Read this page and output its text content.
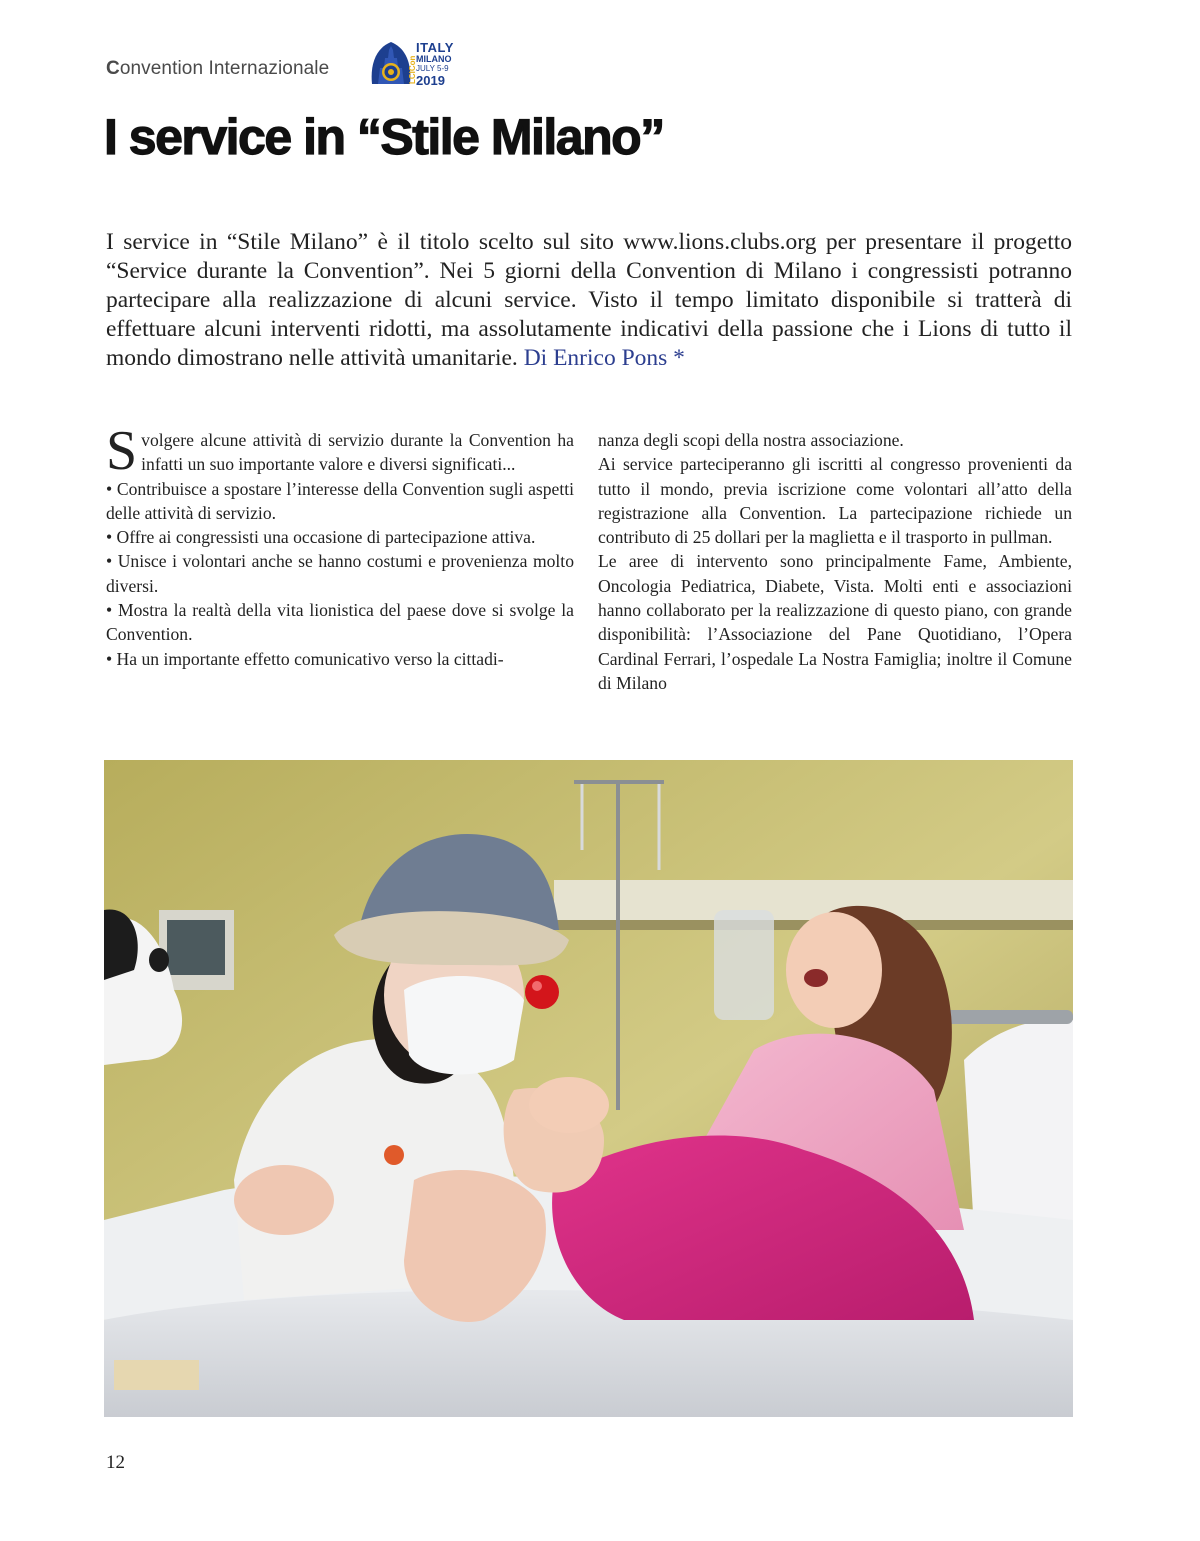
Convention Internazionale	LCICon
ITALY
MILANO
JULY 5-9
2019
I service in “Stile Milano”

I service in “Stile Milano” è il titolo scelto sul sito www.lions.clubs.org per presentare il progetto “Service durante la Convention”. Nei 5 giorni della Convention di Milano i congressisti potranno partecipare alla realizzazione di alcuni service. Visto il tempo limitato disponibile si tratterà di effettuare alcuni interventi ridotti, ma assolutamente indicativi della passione che i Lions di tutto il mondo dimostrano nelle attività umanitarie. Di Enrico Pons *

Svolgere alcune attività di servizio durante la Convention ha infatti un suo importante valore e diversi significati...

• Contribuisce a spostare l’interesse della Convention sugli aspetti delle attività di servizio.

• Offre ai congressisti una occasione di partecipazione attiva.

• Unisce i volontari anche se hanno costumi e provenienza molto diversi.

• Mostra la realtà della vita lionistica del paese dove si svolge la Convention.

• Ha un importante effetto comunicativo verso la cittadi-

nanza degli scopi della nostra associazione.

Ai service parteciperanno gli iscritti al congresso provenienti da tutto il mondo, previa iscrizione come volontari all’atto della registrazione alla Convention. La partecipazione richiede un contributo di 25 dollari per la maglietta e il trasporto in pullman.

Le aree di intervento sono principalmente Fame, Ambiente, Oncologia Pediatrica, Diabete, Vista. Molti enti e associazioni hanno collaborato per la realizzazione di questo piano, con grande disponibilità: l’Associazione del Pane Quotidiano, l’Opera Cardinal Ferrari, l’ospedale La Nostra Famiglia; inoltre il Comune di Milano

12
